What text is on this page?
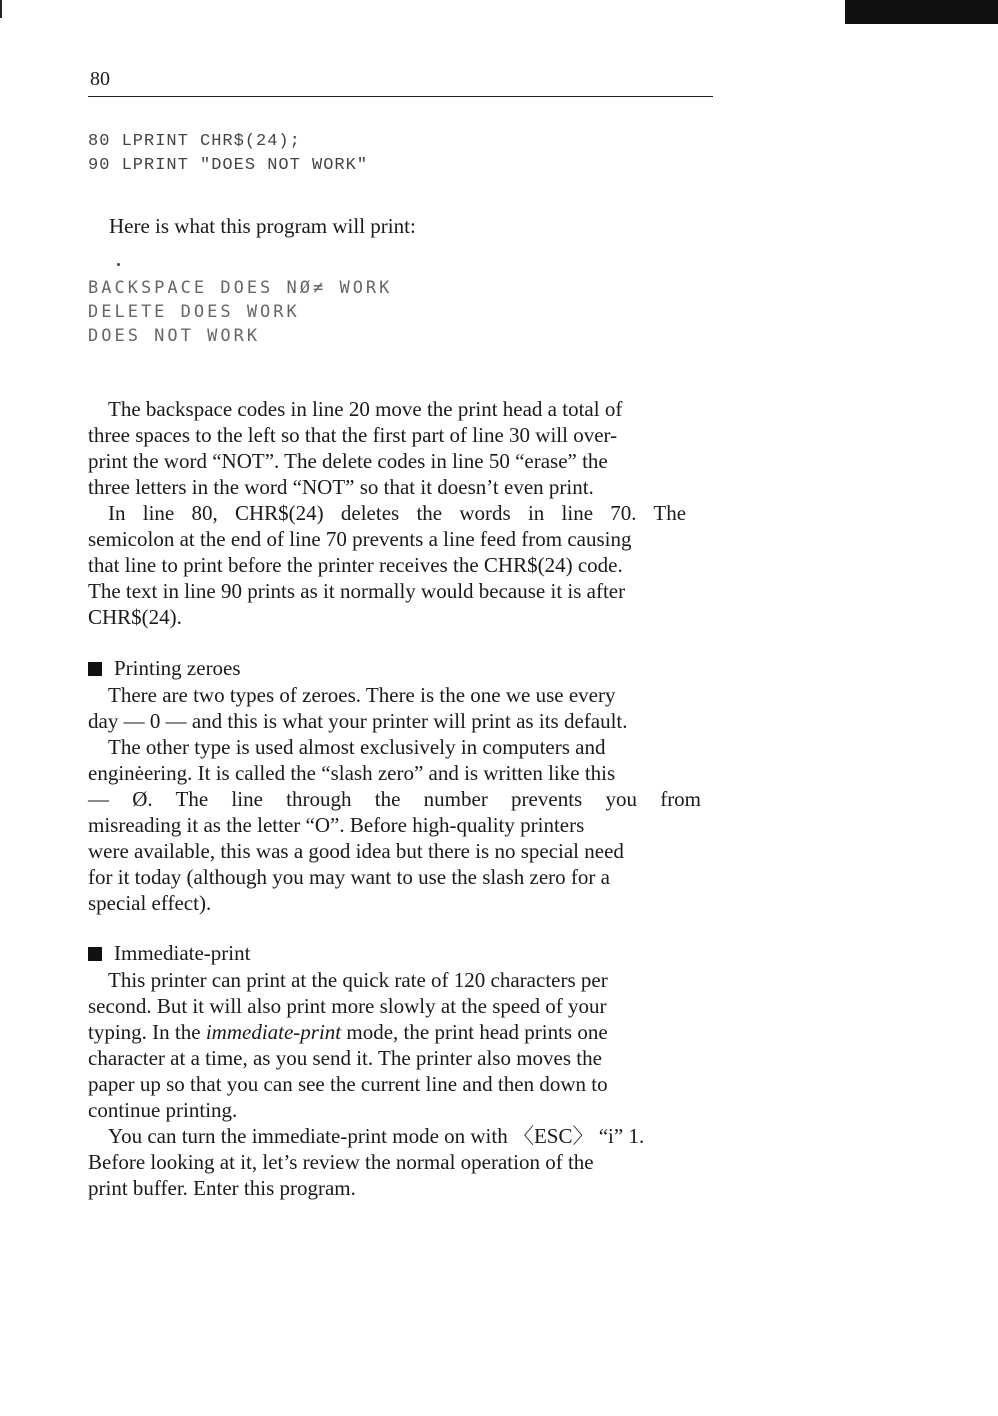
80
80 LPRINT CHR$(24);
90 LPRINT "DOES NOT WORK"
Here is what this program will print:
BACKSPACE DOES NØ≠ WORK
DELETE DOES WORK
DOES NOT WORK
The backspace codes in line 20 move the print head a total of
three spaces to the left so that the first part of line 30 will over-
print the word “NOT”. The delete codes in line 50 “erase” the
three letters in the word “NOT” so that it doesn’t even print.
In line 80, CHR$(24) deletes the words in line 70. The
semicolon at the end of line 70 prevents a line feed from causing
that line to print before the printer receives the CHR$(24) code.
The text in line 90 prints as it normally would because it is after
CHR$(24).
Printing zeroes
There are two types of zeroes. There is the one we use every
day — 0 — and this is what your printer will print as its default.
The other type is used almost exclusively in computers and
enginėering. It is called the “slash zero” and is written like this
— Ø. The line through the number prevents you from
misreading it as the letter “O”. Before high-quality printers
were available, this was a good idea but there is no special need
for it today (although you may want to use the slash zero for a
special effect).
Immediate-print
This printer can print at the quick rate of 120 characters per
second. But it will also print more slowly at the speed of your
typing. In the immediate-print mode, the print head prints one
character at a time, as you send it. The printer also moves the
paper up so that you can see the current line and then down to
continue printing.
You can turn the immediate-print mode on with 〈ESC〉 “i” 1.
Before looking at it, let’s review the normal operation of the
print buffer. Enter this program.
